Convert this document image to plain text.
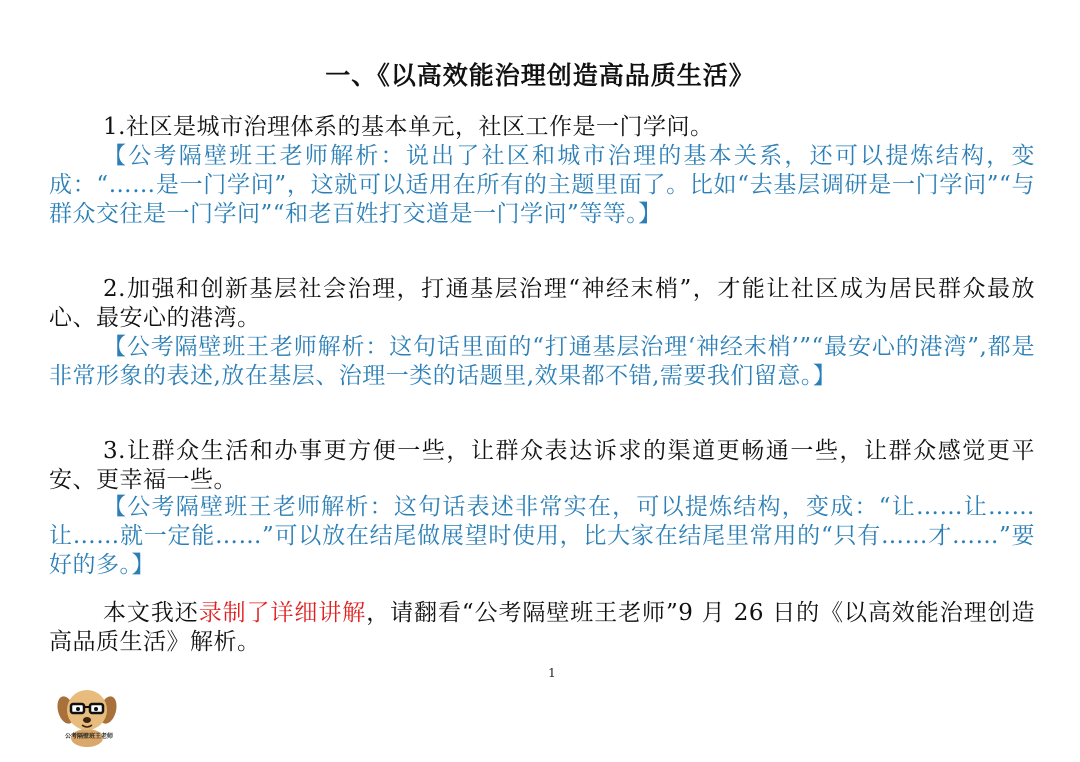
一、《以高效能治理创造高品质生活》

1.社区是城市治理体系的基本单元，社区工作是一门学问。

【公考隔壁班王老师解析：说出了社区和城市治理的基本关系，还可以提炼结构，变成：“……是一门学问”，这就可以适用在所有的主题里面了。比如“去基层调研是一门学问”“与群众交往是一门学问”“和老百姓打交道是一门学问”等等。】

2.加强和创新基层社会治理，打通基层治理“神经末梢”，才能让社区成为居民群众最放心、最安心的港湾。

【公考隔壁班王老师解析：这句话里面的“打通基层治理‘神经末梢’”“最安心的港湾”,都是非常形象的表述,放在基层、治理一类的话题里,效果都不错,需要我们留意。】

3.让群众生活和办事更方便一些，让群众表达诉求的渠道更畅通一些，让群众感觉更平安、更幸福一些。

【公考隔壁班王老师解析：这句话表述非常实在，可以提炼结构，变成：“让……让……让……就一定能……”可以放在结尾做展望时使用，比大家在结尾里常用的“只有……才……”要好的多。】

本文我还录制了详细讲解，请翻看“公考隔壁班王老师”9 月 26 日的《以高效能治理创造高品质生活》解析。

1
公考隔壁班王老师
